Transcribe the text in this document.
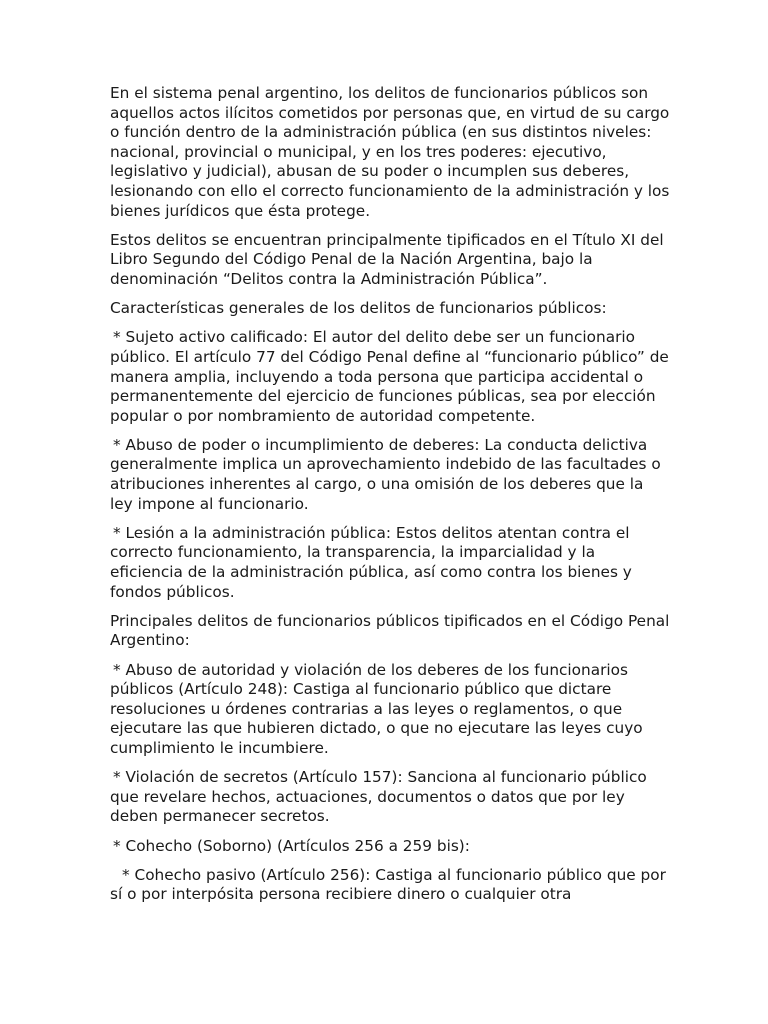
En el sistema penal argentino, los delitos de funcionarios públicos son aquellos actos ilícitos cometidos por personas que, en virtud de su cargo o función dentro de la administración pública (en sus distintos niveles: nacional, provincial o municipal, y en los tres poderes: ejecutivo, legislativo y judicial), abusan de su poder o incumplen sus deberes, lesionando con ello el correcto funcionamiento de la administración y los bienes jurídicos que ésta protege.

Estos delitos se encuentran principalmente tipificados en el Título XI del Libro Segundo del Código Penal de la Nación Argentina, bajo la denominación “Delitos contra la Administración Pública”.

Características generales de los delitos de funcionarios públicos:

* Sujeto activo calificado: El autor del delito debe ser un funcionario público. El artículo 77 del Código Penal define al “funcionario público” de manera amplia, incluyendo a toda persona que participa accidental o permanentemente del ejercicio de funciones públicas, sea por elección popular o por nombramiento de autoridad competente.

* Abuso de poder o incumplimiento de deberes: La conducta delictiva generalmente implica un aprovechamiento indebido de las facultades o atribuciones inherentes al cargo, o una omisión de los deberes que la ley impone al funcionario.

* Lesión a la administración pública: Estos delitos atentan contra el correcto funcionamiento, la transparencia, la imparcialidad y la eficiencia de la administración pública, así como contra los bienes y fondos públicos.

Principales delitos de funcionarios públicos tipificados en el Código Penal Argentino:

* Abuso de autoridad y violación de los deberes de los funcionarios públicos (Artículo 248): Castiga al funcionario público que dictare resoluciones u órdenes contrarias a las leyes o reglamentos, o que ejecutare las que hubieren dictado, o que no ejecutare las leyes cuyo cumplimiento le incumbiere.

* Violación de secretos (Artículo 157): Sanciona al funcionario público que revelare hechos, actuaciones, documentos o datos que por ley deben permanecer secretos.

* Cohecho (Soborno) (Artículos 256 a 259 bis):

* Cohecho pasivo (Artículo 256): Castiga al funcionario público que por sí o por interpósita persona recibiere dinero o cualquier otra
